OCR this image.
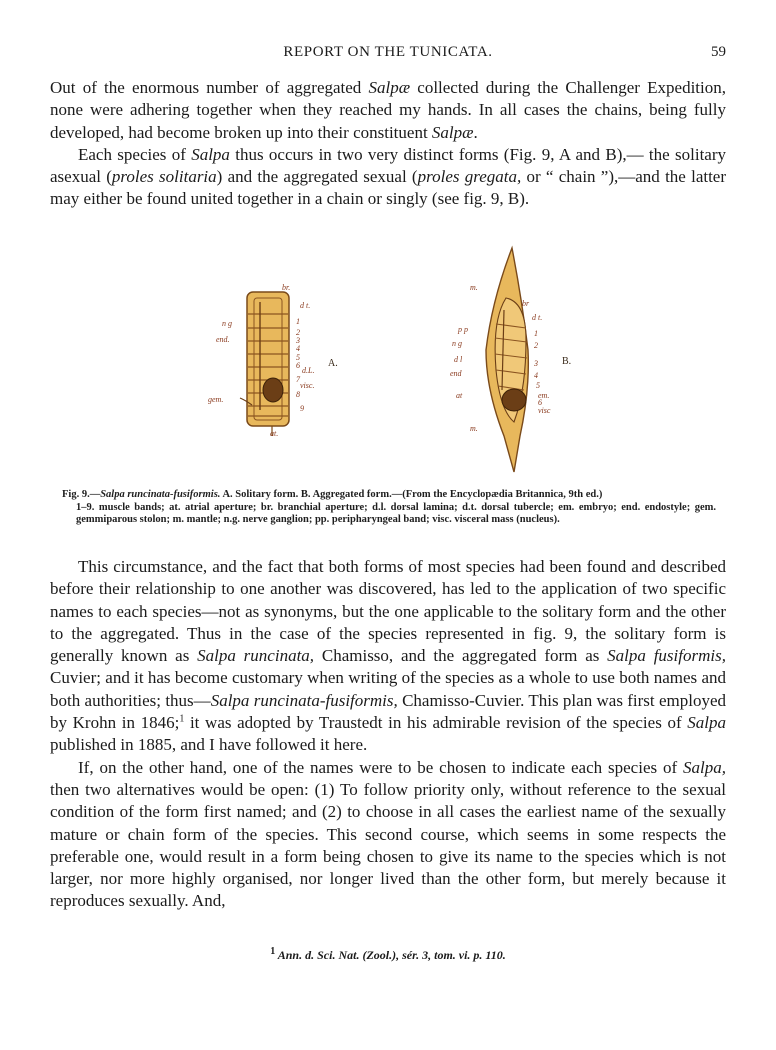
REPORT ON THE TUNICATA.	59

Out of the enormous number of aggregated Salpæ collected during the Challenger Expedition, none were adhering together when they reached my hands. In all cases the chains, being fully developed, had become broken up into their constituent Salpæ.

Each species of Salpa thus occurs in two very distinct forms (Fig. 9, A and B),— the solitary asexual (proles solitaria) and the aggregated sexual (proles gregata, or “ chain ”),—and the latter may either be found united together in a chain or singly (see fig. 9, B).

br.
d t.
n g
end.
1
2
3
4
5
6
d.L.
7
visc.
8
gem.
9
at.
A.
m.
br
d t.
p p	1
n g	2
d l	3
end	4
5
at	em.
6
visc
m.
B.
Fig. 9.—Salpa runcinata-fusiformis. A. Solitary form. B. Aggregated form.—(From the Encyclopædia Britannica, 9th ed.)
1–9. muscle bands; at. atrial aperture; br. branchial aperture; d.l. dorsal lamina; d.t. dorsal tubercle; em. embryo; end. endostyle; gem. gemmiparous stolon; m. mantle; n.g. nerve ganglion; pp. peripharyngeal band; visc. visceral mass (nucleus).

This circumstance, and the fact that both forms of most species had been found and described before their relationship to one another was discovered, has led to the application of two specific names to each species—not as synonyms, but the one applicable to the solitary form and the other to the aggregated. Thus in the case of the species represented in fig. 9, the solitary form is generally known as Salpa runcinata, Chamisso, and the aggregated form as Salpa fusiformis, Cuvier; and it has become customary when writing of the species as a whole to use both names and both authorities; thus—Salpa runcinata-fusiformis, Chamisso-Cuvier. This plan was first employed by Krohn in 1846;$^1$ it was adopted by Traustedt in his admirable revision of the species of Salpa published in 1885, and I have followed it here.

If, on the other hand, one of the names were to be chosen to indicate each species of Salpa, then two alternatives would be open: (1) To follow priority only, without reference to the sexual condition of the form first named; and (2) to choose in all cases the earliest name of the sexually mature or chain form of the species. This second course, which seems in some respects the preferable one, would result in a form being chosen to give its name to the species which is not larger, nor more highly organised, nor longer lived than the other form, but merely because it reproduces sexually. And,

$^1$ Ann. d. Sci. Nat. (Zool.), sér. 3, tom. vi. p. 110.
